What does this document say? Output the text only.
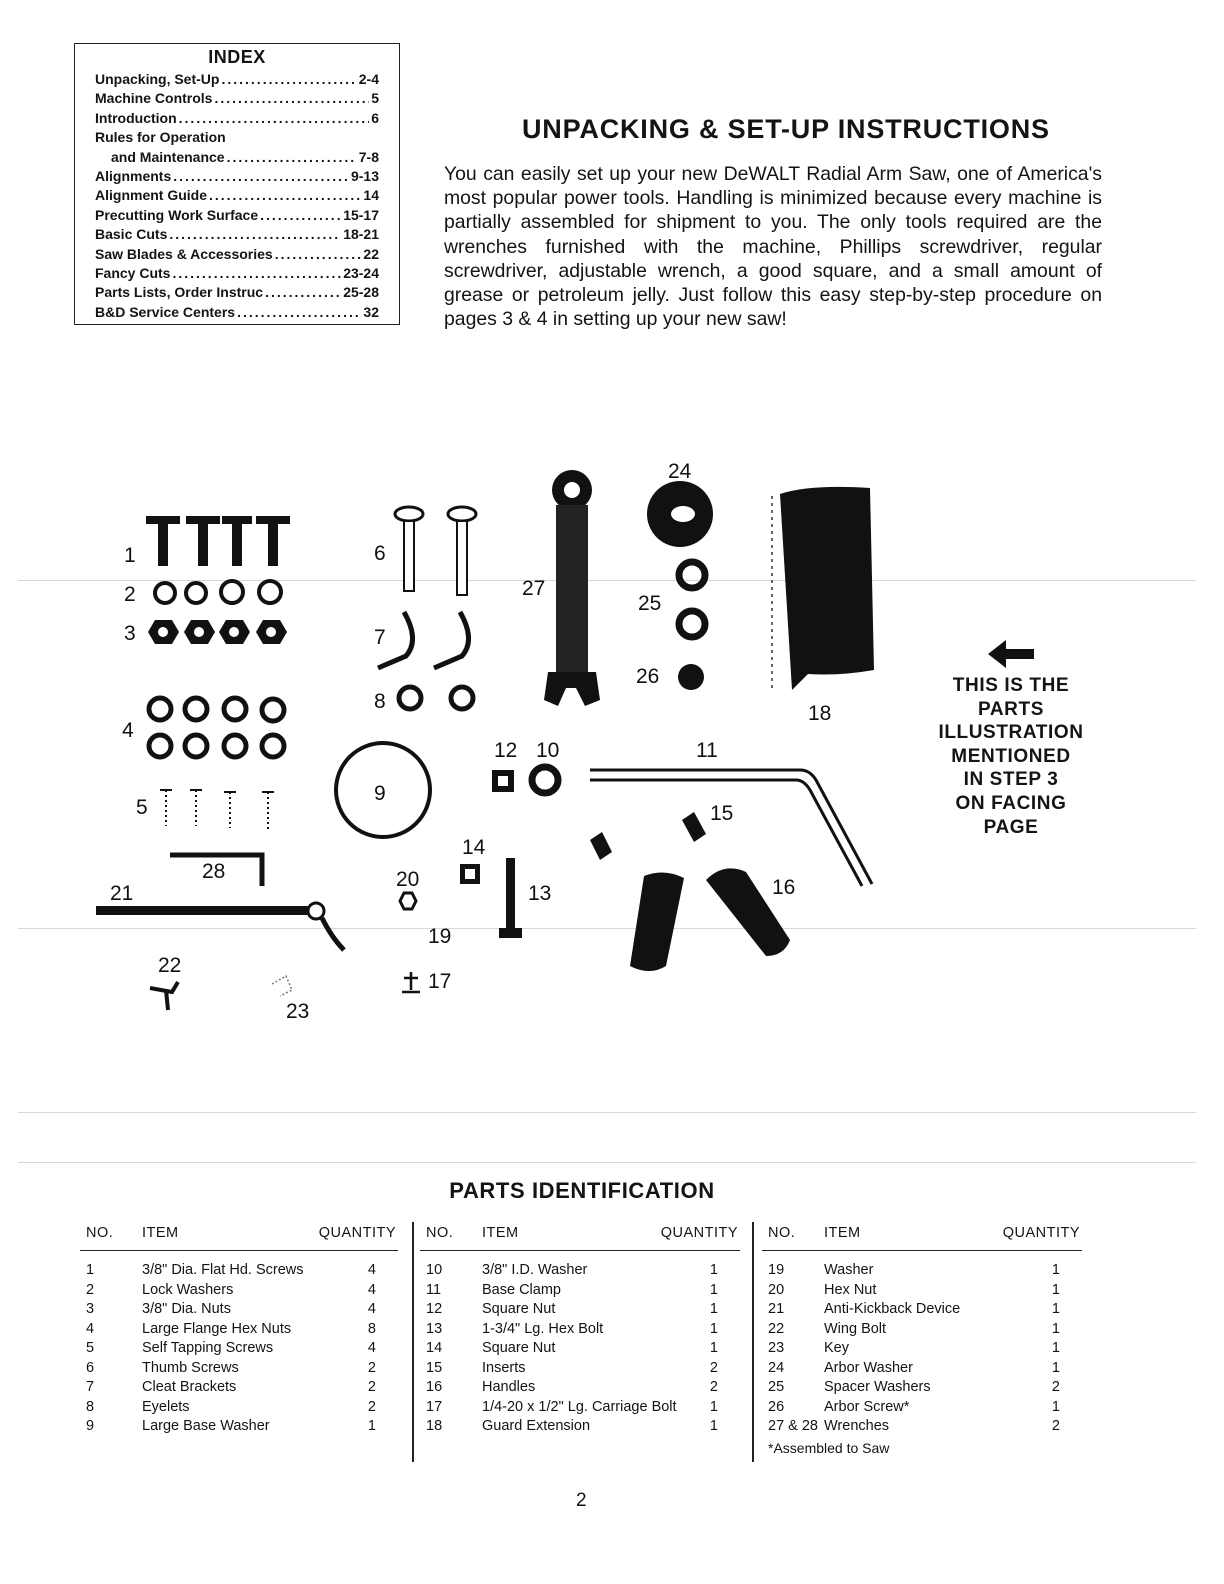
INDEX
Unpacking, Set-Up .....	2-4
Machine Controls .....	5
Introduction .....	6
Rules for Operation
and Maintenance .....	7-8
Alignments .....	9-13
Alignment Guide .....	14
Precutting Work Surface .....	15-17
Basic Cuts .....	18-21
Saw Blades & Accessories .....	22
Fancy Cuts .....	23-24
Parts Lists, Order Instruc .....	25-28
B&D Service Centers .....	32
UNPACKING & SET-UP INSTRUCTIONS

You can easily set up your new DeWALT Radial Arm Saw, one of America's most popular power tools. Handling is minimized because every machine is partially assembled for shipment to you. The only tools required are the wrenches furnished with the machine, Phillips screwdriver, regular screwdriver, adjustable wrench, a good square, and a small amount of grease or petroleum jelly. Just follow this easy step-by-step procedure on pages 3 & 4 in setting up your new saw!

1
2
3
4
5
6
7
8
9
10	11
12
13
14
15
16
17
18
19
20
21
22
23
24
25
26
27
28
THIS IS THE
PARTS
ILLUSTRATION
MENTIONED
IN STEP 3
ON FACING
PAGE
PARTS IDENTIFICATION
NO. ITEM	QUANTITY
1	3/8" Dia. Flat Hd. Screws	4
2	Lock Washers	4
3	3/8" Dia. Nuts	4
4	Large Flange Hex Nuts	8
5	Self Tapping Screws	4
6	Thumb Screws	2
7	Cleat Brackets	2
8	Eyelets	2
9	Large Base Washer	1
NO. ITEM	QUANTITY
10	3/8" I.D. Washer	1
11	Base Clamp	1
12	Square Nut	1
13	1-3/4" Lg. Hex Bolt	1
14	Square Nut	1
15	Inserts	2
16	Handles	2
17	1/4-20 x 1/2" Lg. Carriage Bolt 1
18	Guard Extension	1
NO. ITEM	QUANTITY
19	Washer	1
20	Hex Nut	1
21	Anti-Kickback Device	1
22	Wing Bolt	1
23	Key	1
24	Arbor Washer	1
25	Spacer Washers	2
26	Arbor Screw*	1
27 & 28 Wrenches	2
*Assembled to Saw
2
